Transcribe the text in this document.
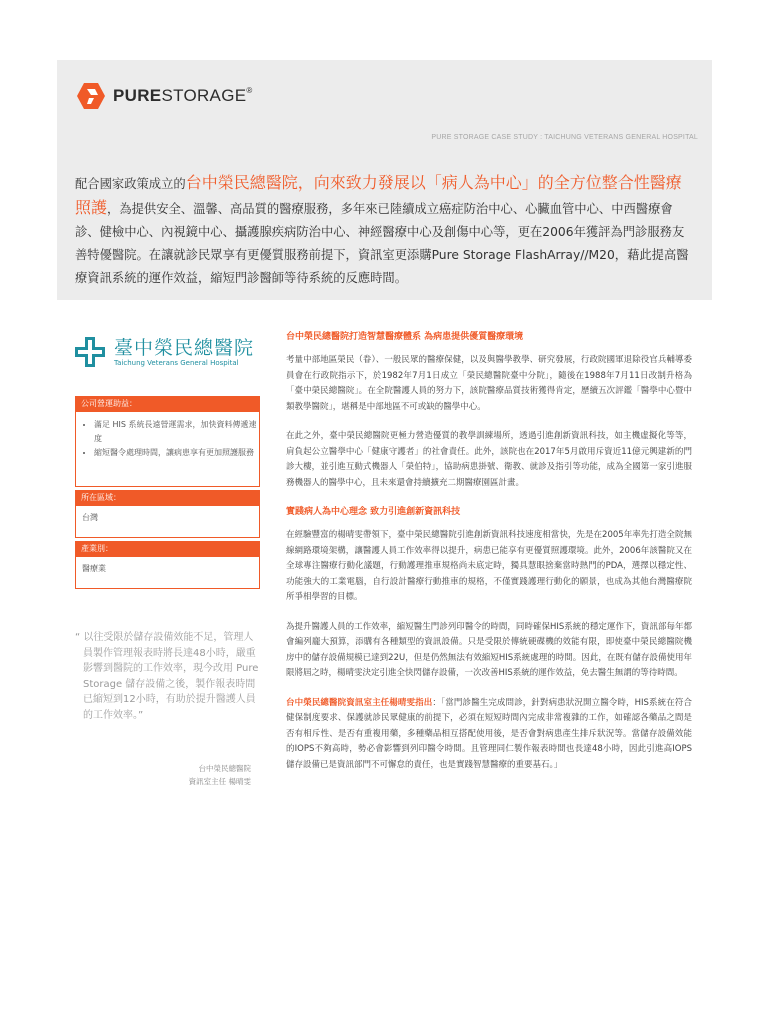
PURESTORAGE®
PURE STORAGE CASE STUDY : TAICHUNG VETERANS GENERAL HOSPITAL
配合國家政策成立的台中榮民總醫院，向來致力發展以「病人為中心」的全方位整合性醫療照護，為提供安全、溫馨、高品質的醫療服務，多年來已陸續成立癌症防治中心、心臟血管中心、中西醫療會診、健檢中心、內視鏡中心、攝護腺疾病防治中心、神經醫療中心及創傷中心等，更在2006年獲評為門診服務友善特優醫院。在讓就診民眾享有更優質服務前提下，資訊室更添購Pure Storage FlashArray//M20，藉此提高醫療資訊系統的運作效益，縮短門診醫師等待系統的反應時間。
臺中榮民總醫院
Taichung Veterans General Hospital
公司營運助益：
• 滿足 HIS 系統長遠營運需求，加快資料傳遞速度
• 縮短醫令處理時間，讓病患享有更加照護服務
所在區域：
台灣
產業別：
醫療業
“ 以往受限於儲存設備效能不足，管理人員製作管理報表時將長達48小時，嚴重影響到醫院的工作效率，現今改用 Pure Storage 儲存設備之後，製作報表時間已縮短到12小時，有助於提升醫護人員的工作效率。”
台中榮民總醫院
資訊室主任 楊晴雯
台中榮民總醫院打造智慧醫療體系 為病患提供優質醫療環境

考量中部地區榮民（眷）、一般民眾的醫療保健，以及與醫學教學、研究發展，行政院國軍退除役官兵輔導委員會在行政院指示下，於1982年7月1日成立「榮民總醫院臺中分院」，隨後在1988年7月11日改制升格為「臺中榮民總醫院」。在全院醫護人員的努力下，該院醫療品質技術獲得肯定，歷續五次評鑑「醫學中心暨中類教學醫院」，堪稱是中部地區不可或缺的醫學中心。

在此之外，臺中榮民總醫院更極力營造優質的教學訓練場所，透過引進創新資訊科技，如主機虛擬化等等，肩負起公立醫學中心「健康守護者」的社會責任。此外，該院也在2017年5月啟用斥資近11億元興建新的門診大樓，並引進互動式機器人「榮伯特」，協助病患掛號、衛教、就診及指引等功能，成為全國第一家引進服務機器人的醫學中心，且未來還會持續擴充二期醫療園區計畫。

實踐病人為中心理念 致力引進創新資訊科技

在經驗豐富的楊晴雯帶領下，臺中榮民總醫院引進創新資訊科技速度相當快，先是在2005年率先打造全院無線網路環境架構，讓醫護人員工作效率得以提升，病患已能享有更優質照護環境。此外，2006年該醫院又在全球專注醫療行動化議題，行動護理推車規格尚未底定時，獨具慧眼捨棄當時熱門的PDA，選擇以穩定性、功能強大的工業電腦，自行設計醫療行動推車的規格，不僅實踐護理行動化的願景，也成為其他台灣醫療院所爭相學習的目標。

為提升醫護人員的工作效率，縮短醫生門診列印醫令的時間，同時確保HIS系統的穩定運作下，資訊部每年都會編列龐大預算，添購有各種類型的資訊設備。只是受限於傳統硬碟機的效能有限，即使臺中榮民總醫院機房中的儲存設備規模已達到22U，但是仍然無法有效縮短HIS系統處理的時間。因此，在既有儲存設備使用年限將屆之時，楊晴雯決定引進全快閃儲存設備，一次改善HIS系統的運作效益，免去醫生無謂的等待時間。

台中榮民總醫院資訊室主任楊晴雯指出：「當門診醫生完成問診，針對病患狀況開立醫令時，HIS系統在符合健保制度要求、保護就診民眾健康的前提下，必須在短短時間內完成非常複雜的工作，如確認各藥品之間是否有相斥性、是否有重複用藥，多種藥品相互搭配使用後，是否會對病患產生排斥狀況等。當儲存設備效能的IOPS不夠高時，勢必會影響到列印醫令時間。且管理同仁製作報表時間也長達48小時，因此引進高IOPS儲存設備已是資訊部門不可懈怠的責任，也是實踐智慧醫療的重要基石。」
